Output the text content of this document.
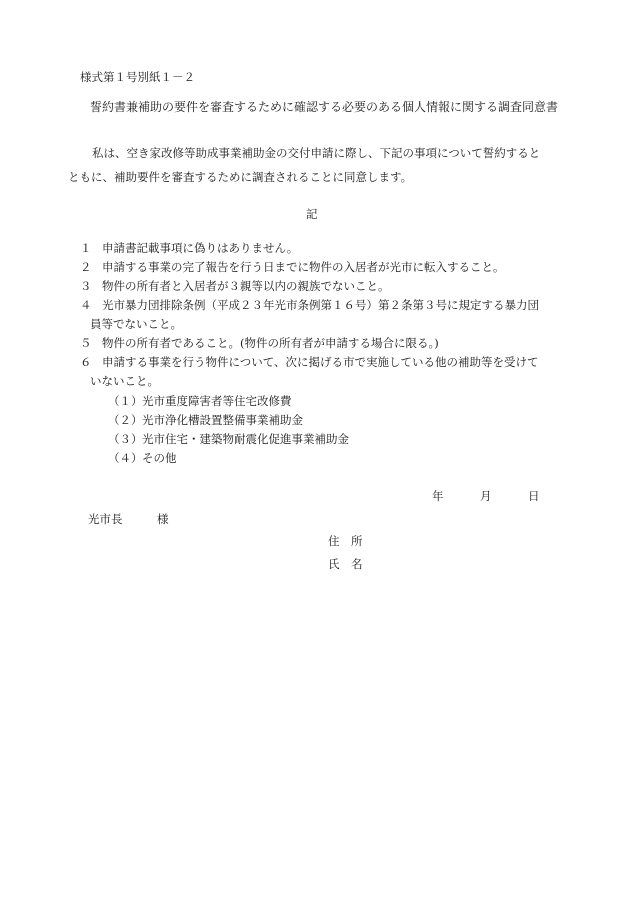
様式第１号別紙１－２
誓約書兼補助の要件を審査するために確認する必要のある個人情報に関する調査同意書
私は、空き家改修等助成事業補助金の交付申請に際し、下記の事項について誓約すると
ともに、補助要件を審査するために調査されることに同意します。
記
１ 申請書記載事項に偽りはありません。
２ 申請する事業の完了報告を行う日までに物件の入居者が光市に転入すること。
３ 物件の所有者と入居者が３親等以内の親族でないこと。
４ 光市暴力団排除条例（平成２３年光市条例第１６号）第２条第３号に規定する暴力団
員等でないこと。
５ 物件の所有者であること。(物件の所有者が申請する場合に限る。)
６ 申請する事業を行う物件について、次に掲げる市で実施している他の補助等を受けて
いないこと。
（１）光市重度障害者等住宅改修費
（２）光市浄化槽設置整備事業補助金
（３）光市住宅・建築物耐震化促進事業補助金
（４）その他
年	月	日
光市長　　　様
住　所
氏　名
